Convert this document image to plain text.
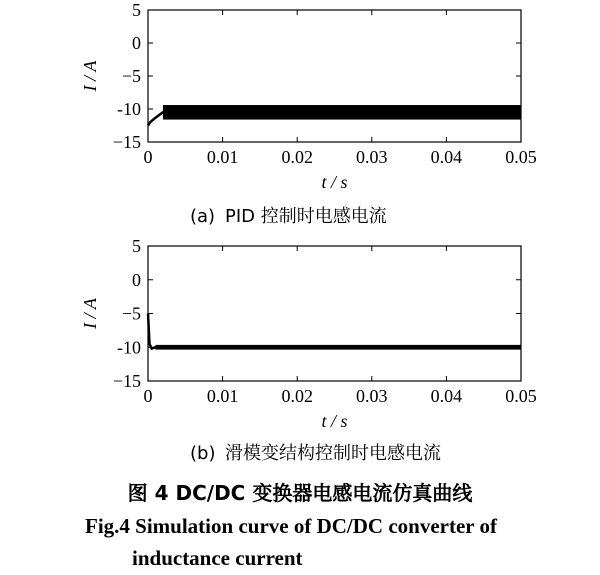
0	0.01 0.02 0.03 0.04 0.05
5
0
−5
-10
−15
I / A
t / s
(a) PID 控制时电感电流
0	0.01 0.02 0.03 0.04 0.05
5
0
−5
-10
−15
I / A
t / s
(b) 滑模变结构控制时电感电流
图 4 DC/DC 变换器电感电流仿真曲线
Fig.4 Simulation curve of DC/DC converter of
inductance current
